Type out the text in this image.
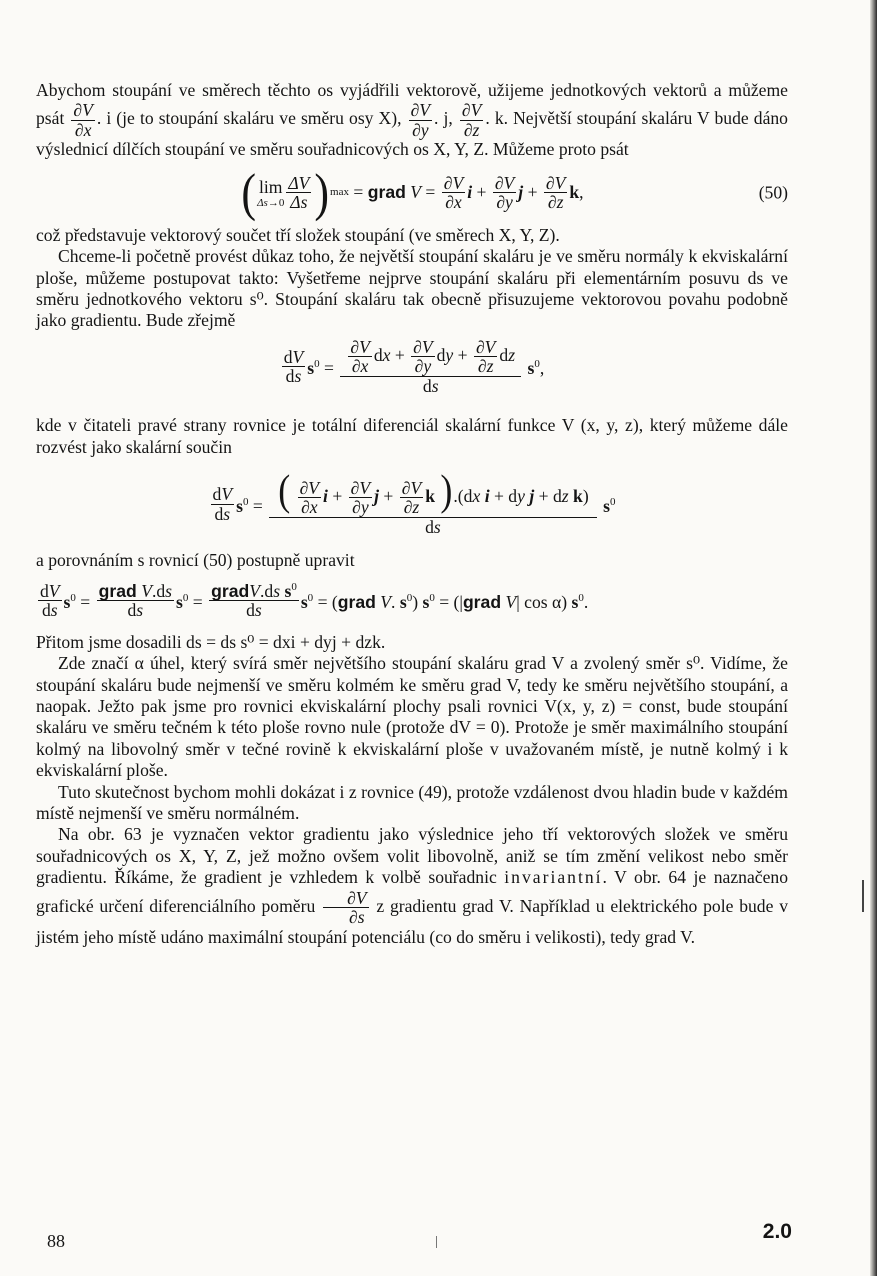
Abychom stoupání ve směrech těchto os vyjádřili vektorově, užijeme jednotkových vektorů a můžeme psát $\frac{\partial V}{\partial x}$ . i (je to stoupání skaláru ve směru osy X), $\frac{\partial V}{\partial y}$ . j, $\frac{\partial V}{\partial z}$ . k. Největší stoupání skaláru V bude dáno výslednicí dílčích stoupání ve směru souřadnicových os X, Y, Z. Můžeme proto psát

( lim
Δs→0
ΔV
Δs ) max = grad $V = \frac{\partial V}{\partial x}$ i + ∂V
∂y
j + ∂V
∂z
k ,	(50)

což představuje vektorový součet tří složek stoupání (ve směrech X, Y, Z).

Chceme-li početně provést důkaz toho, že největší stoupání skaláru je ve směru normály k ekviskalární ploše, můžeme postupovat takto: Vyšetřeme nejprve stoupání skaláru při elementárním posuvu ds ve směru jednotkového vektoru s⁰. Stoupání skaláru tak obecně přisuzujeme vektorovou povahu podobně jako gradientu. Bude zřejmě

dV
ds $s^0 = \frac{\partial V}{\partial x}$ dx + $\frac{\partial V}{\partial y}$ dy + $\frac{\partial V}{\partial z}$ dz
ds
$s^0$,

kde v čitateli pravé strany rovnice je totální diferenciál skalární funkce V (x, y, z), který můžeme dále rozvést jako skalární součin

dV
ds $s^0$ = ( $\frac{\partial V}{\partial x}$ $i + \frac{\partial V}{\partial y}$ $j + \frac{\partial V}{\partial z}$ k ).(dx i + dy j + dz k)
ds
$s^0$

a porovnáním s rovnicí (50) postupně upravit

dV
ds $s^0$ =
grad V.ds
ds $s^0$ =
gradV.ds $s^0$
ds $s^0$ = (grad V. $s^0$) $s^0$ = (|grad V| cos α) $s^0$.

Přitom jsme dosadili ds = ds s⁰ = dxi + dyj + dzk.

Zde značí α úhel, který svírá směr největšího stoupání skaláru grad V a zvolený směr s⁰. Vidíme, že stoupání skaláru bude nejmenší ve směru kolmém ke směru grad V, tedy ke směru největšího stoupání, a naopak. Ježto pak jsme pro rovnici ekviskalární plochy psali rovnici V(x, y, z) = const, bude stoupání skaláru ve směru tečném k této ploše rovno nule (protože dV = 0). Protože je směr maximálního stoupání kolmý na libovolný směr v tečné rovině k ekviskalární ploše v uvažovaném místě, je nutně kolmý i k ekviskalární ploše.

Tuto skutečnost bychom mohli dokázat i z rovnice (49), protože vzdálenost dvou hladin bude v každém místě nejmenší ve směru normálném.

Na obr. 63 je vyznačen vektor gradientu jako výslednice jeho tří vektorových složek ve směru souřadnicových os X, Y, Z, jež možno ovšem volit libovolně, aniž se tím změní velikost nebo směr gradientu. Říkáme, že gradient je vzhledem k volbě souřadnic invariantní. V obr. 64 je naznačeno grafické určení diferenciálního poměru $\frac{\partial V}{\partial s}$ z gradientu grad V. Například u elektrického pole bude v jistém jeho místě udáno maximální stoupání potenciálu (co do směru i velikosti), tedy grad V.

88	2.0
